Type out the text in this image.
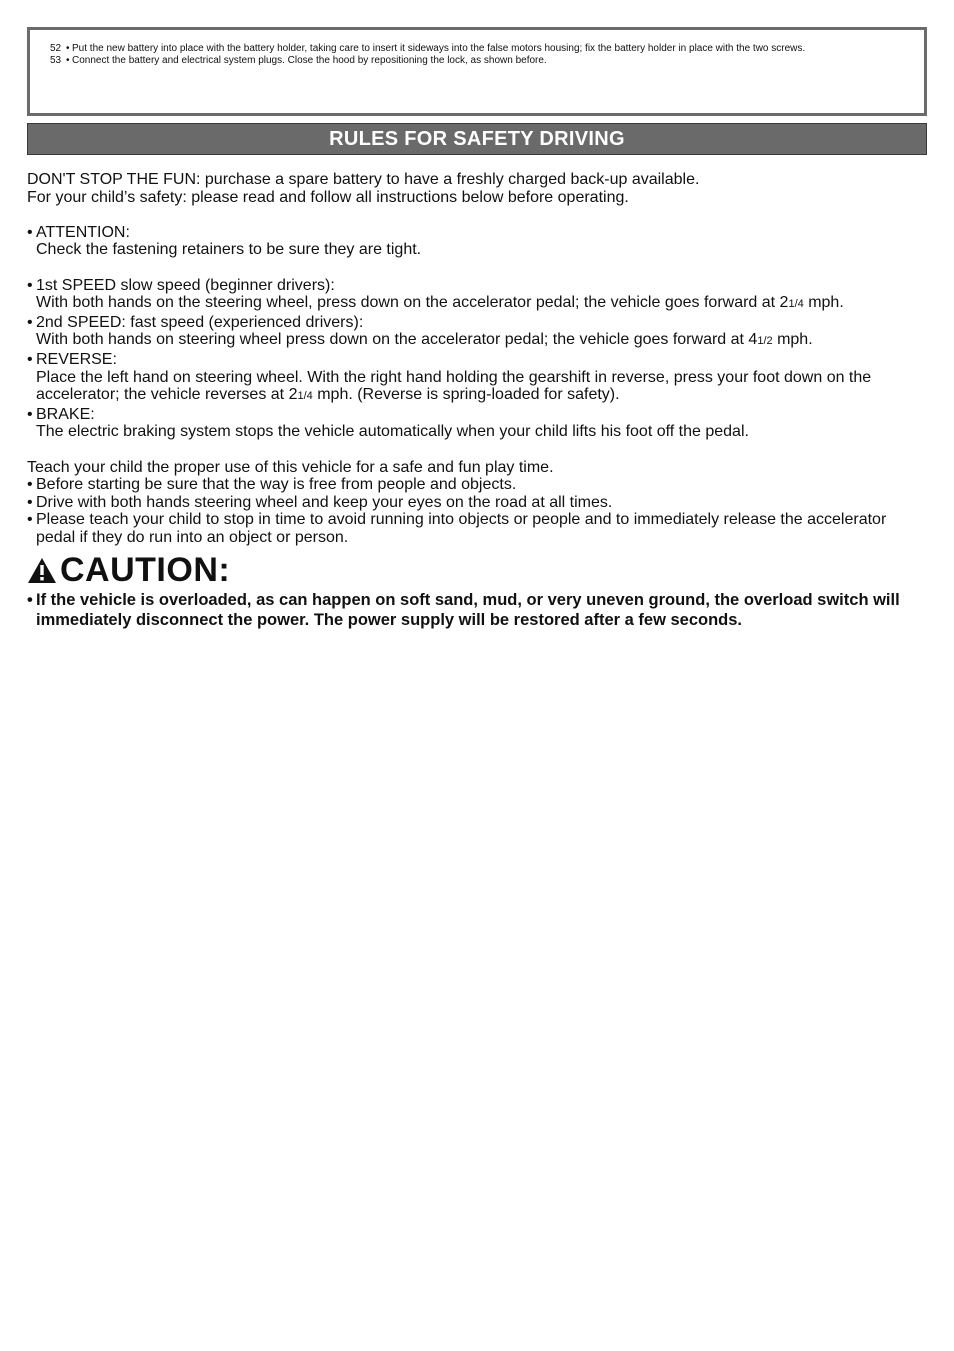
52 • Put the new battery into place with the battery holder, taking care to insert it sideways into the false motors housing; fix the battery holder in place with the two screws.
53 • Connect the battery and electrical system plugs. Close the hood by repositioning the lock, as shown before.
RULES FOR SAFETY DRIVING

DON'T STOP THE FUN: purchase a spare battery to have a freshly charged back-up available.

For your child’s safety: please read and follow all instructions below before operating.

• ATTENTION:
Check the fastening retainers to be sure they are tight.
• 1st SPEED slow speed (beginner drivers):
With both hands on the steering wheel, press down on the accelerator pedal; the vehicle goes forward at 21/4 mph.
• 2nd SPEED: fast speed (experienced drivers):
With both hands on steering wheel press down on the accelerator pedal; the vehicle goes forward at 41/2 mph.
• REVERSE:
Place the left hand on steering wheel. With the right hand holding the gearshift in reverse, press your foot down on the accelerator; the vehicle reverses at 21/4 mph. (Reverse is spring-loaded for safety).
• BRAKE:
The electric braking system stops the vehicle automatically when your child lifts his foot off the pedal.

Teach your child the proper use of this vehicle for a safe and fun play time.

• Before starting be sure that the way is free from people and objects.
• Drive with both hands steering wheel and keep your eyes on the road at all times.
• Please teach your child to stop in time to avoid running into objects or people and to immediately release the accelerator pedal if they do run into an object or person.
CAUTION:
• If the vehicle is overloaded, as can happen on soft sand, mud, or very uneven ground, the overload switch will immediately disconnect the power. The power supply will be restored after a few seconds.
